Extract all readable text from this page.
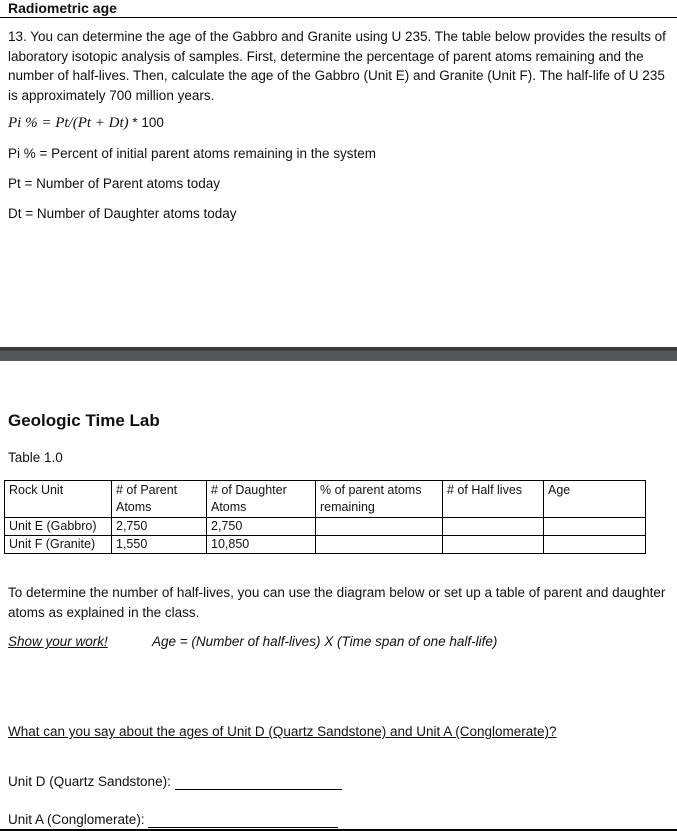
Radiometric age
13. You can determine the age of the Gabbro and Granite using U 235. The table below provides the results of laboratory isotopic analysis of samples. First, determine the percentage of parent atoms remaining and the number of half-lives. Then, calculate the age of the Gabbro (Unit E) and Granite (Unit F). The half-life of U 235 is approximately 700 million years.
Pi % = Pt/(Pt + Dt) * 100
Pi % = Percent of initial parent atoms remaining in the system
Pt = Number of Parent atoms today
Dt = Number of Daughter atoms today
Geologic Time Lab
Table 1.0
Rock Unit	# of Parent Atoms	# of Daughter Atoms	% of parent atoms remaining	# of Half lives	Age
Unit E (Gabbro)	2,750	2,750			
Unit F (Granite)	1,550	10,850			
To determine the number of half-lives, you can use the diagram below or set up a table of parent and daughter atoms as explained in the class.
Show your work!	Age = (Number of half-lives) X (Time span of one half-life)
What can you say about the ages of Unit D (Quartz Sandstone) and Unit A (Conglomerate)?
Unit D (Quartz Sandstone):
Unit A (Conglomerate):
